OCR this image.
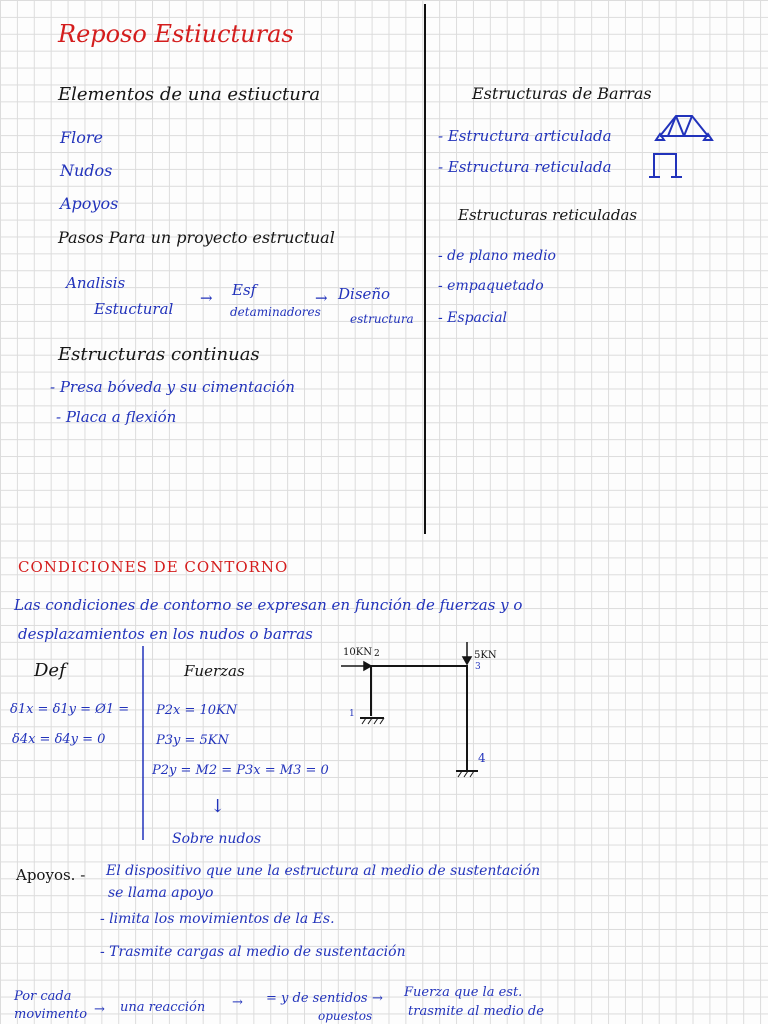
Reposo Estiucturas
Elementos de una estiuctura
Flore
Nudos
Apoyos
Pasos Para un proyecto estructual
Analisis
Estuctural
→ Esf
detaminadores
→ Diseño
estructura
Estructuras continuas
- Presa bóveda y su cimentación
- Placa a flexión
Estructuras de Barras
- Estructura articulada
- Estructura reticulada
Estructuras reticuladas
- de plano medio
- empaquetado
- Espacial
CONDICIONES DE CONTORNO
Las condiciones de contorno se expresan en función de fuerzas y o
desplazamientos en los nudos o barras
Def	Fuerzas
δ1x = δ1y = Ø1 =
δ4x = δ4y = 0
P2x = 10KN
P3y = 5KN
P2y = M2 = P3x = M3 = 0
↓
Sobre nudos
10KN 2	5KN
3
1
4
Apoyos. - El dispositivo que une la estructura al medio de sustentación
se llama apoyo
- limita los movimientos de la Es.
- Trasmite cargas al medio de sustentación
Por cada
movimento → una reacción → = y de sentidos
opuestos
→ Fuerza que la est.
trasmite al medio de
